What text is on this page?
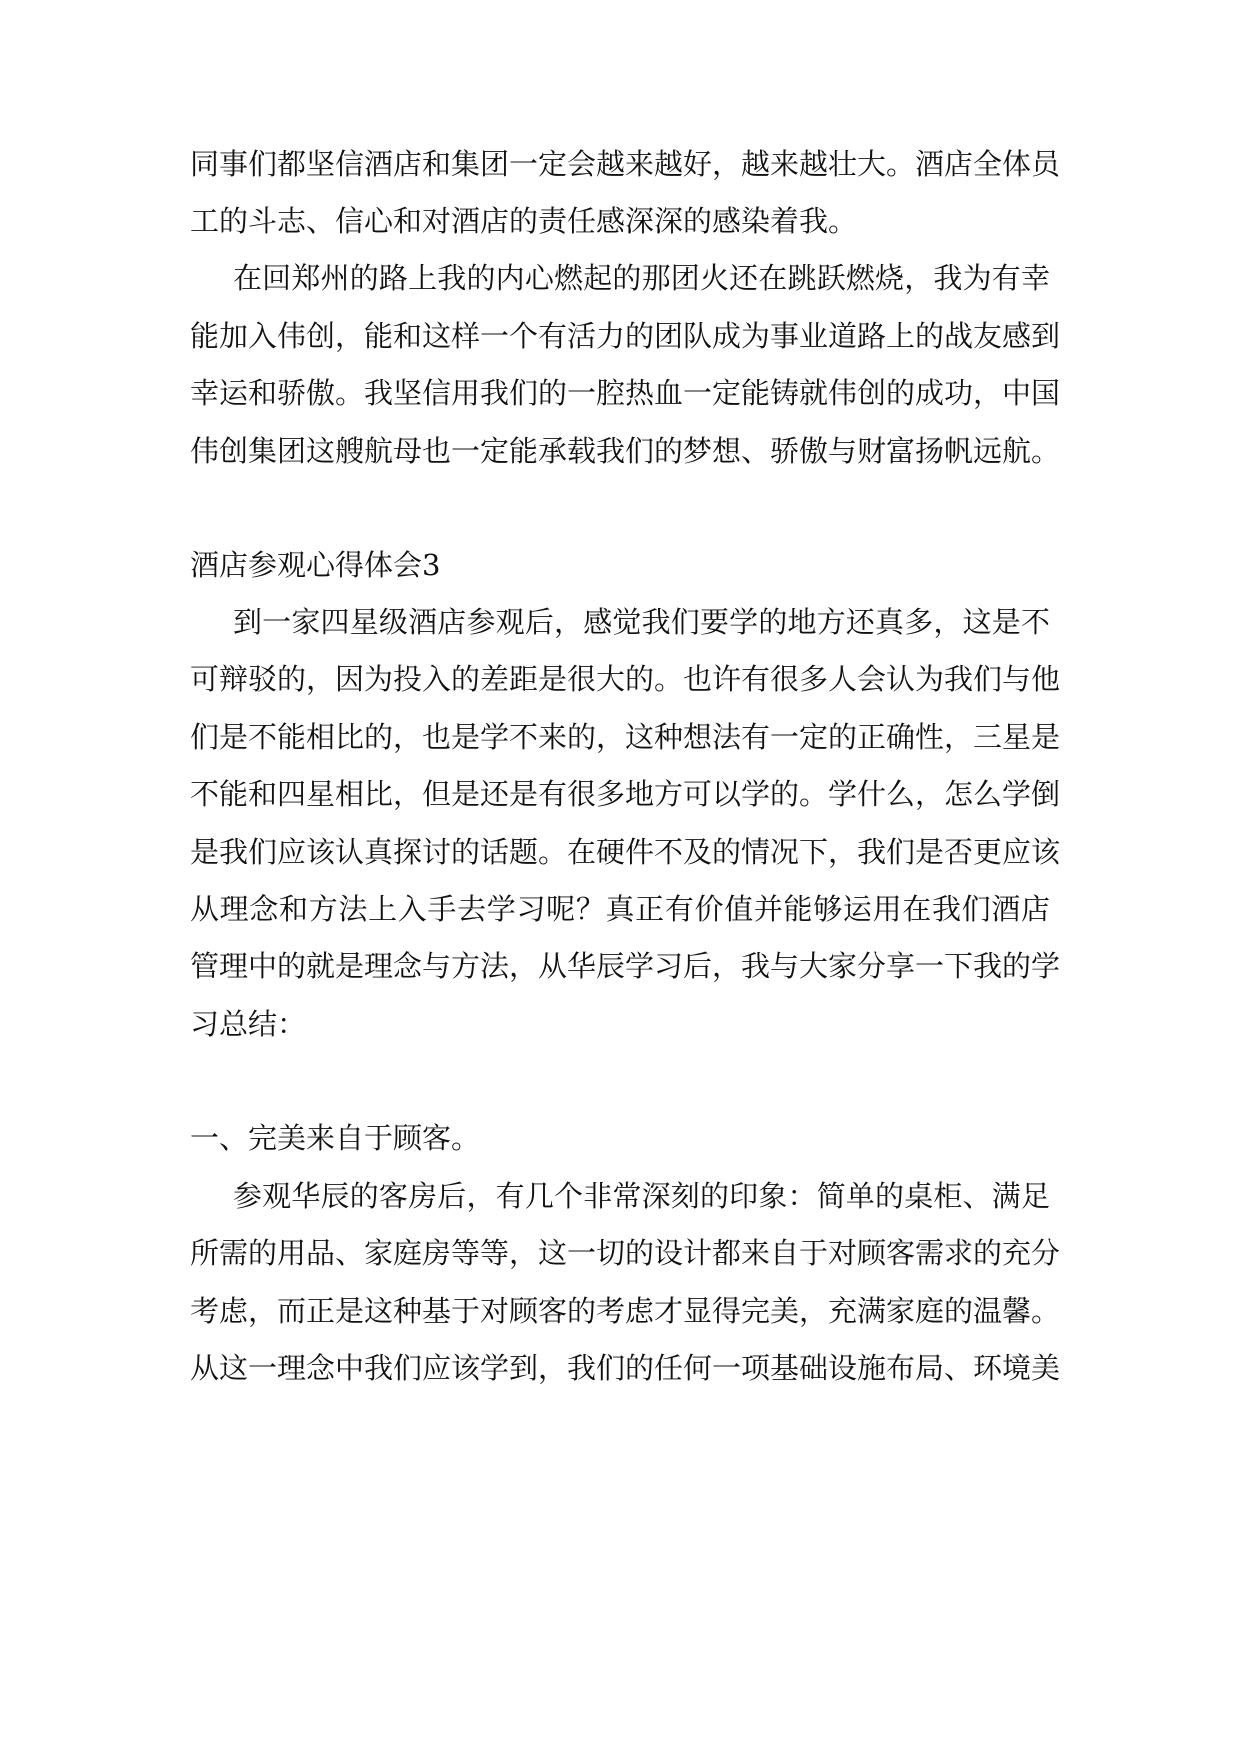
同事们都坚信酒店和集团一定会越来越好，越来越壮大。酒店全体员

工的斗志、信心和对酒店的责任感深深的感染着我。

在回郑州的路上我的内心燃起的那团火还在跳跃燃烧，我为有幸

能加入伟创，能和这样一个有活力的团队成为事业道路上的战友感到

幸运和骄傲。我坚信用我们的一腔热血一定能铸就伟创的成功，中国

伟创集团这艘航母也一定能承载我们的梦想、骄傲与财富扬帆远航。

酒店参观心得体会3

到一家四星级酒店参观后，感觉我们要学的地方还真多，这是不

可辩驳的，因为投入的差距是很大的。也许有很多人会认为我们与他

们是不能相比的，也是学不来的，这种想法有一定的正确性，三星是

不能和四星相比，但是还是有很多地方可以学的。学什么，怎么学倒

是我们应该认真探讨的话题。在硬件不及的情况下，我们是否更应该

从理念和方法上入手去学习呢？真正有价值并能够运用在我们酒店

管理中的就是理念与方法，从华辰学习后，我与大家分享一下我的学

习总结：

一、完美来自于顾客。

参观华辰的客房后，有几个非常深刻的印象：简单的桌柜、满足

所需的用品、家庭房等等，这一切的设计都来自于对顾客需求的充分

考虑，而正是这种基于对顾客的考虑才显得完美，充满家庭的温馨。

从这一理念中我们应该学到，我们的任何一项基础设施布局、环境美
